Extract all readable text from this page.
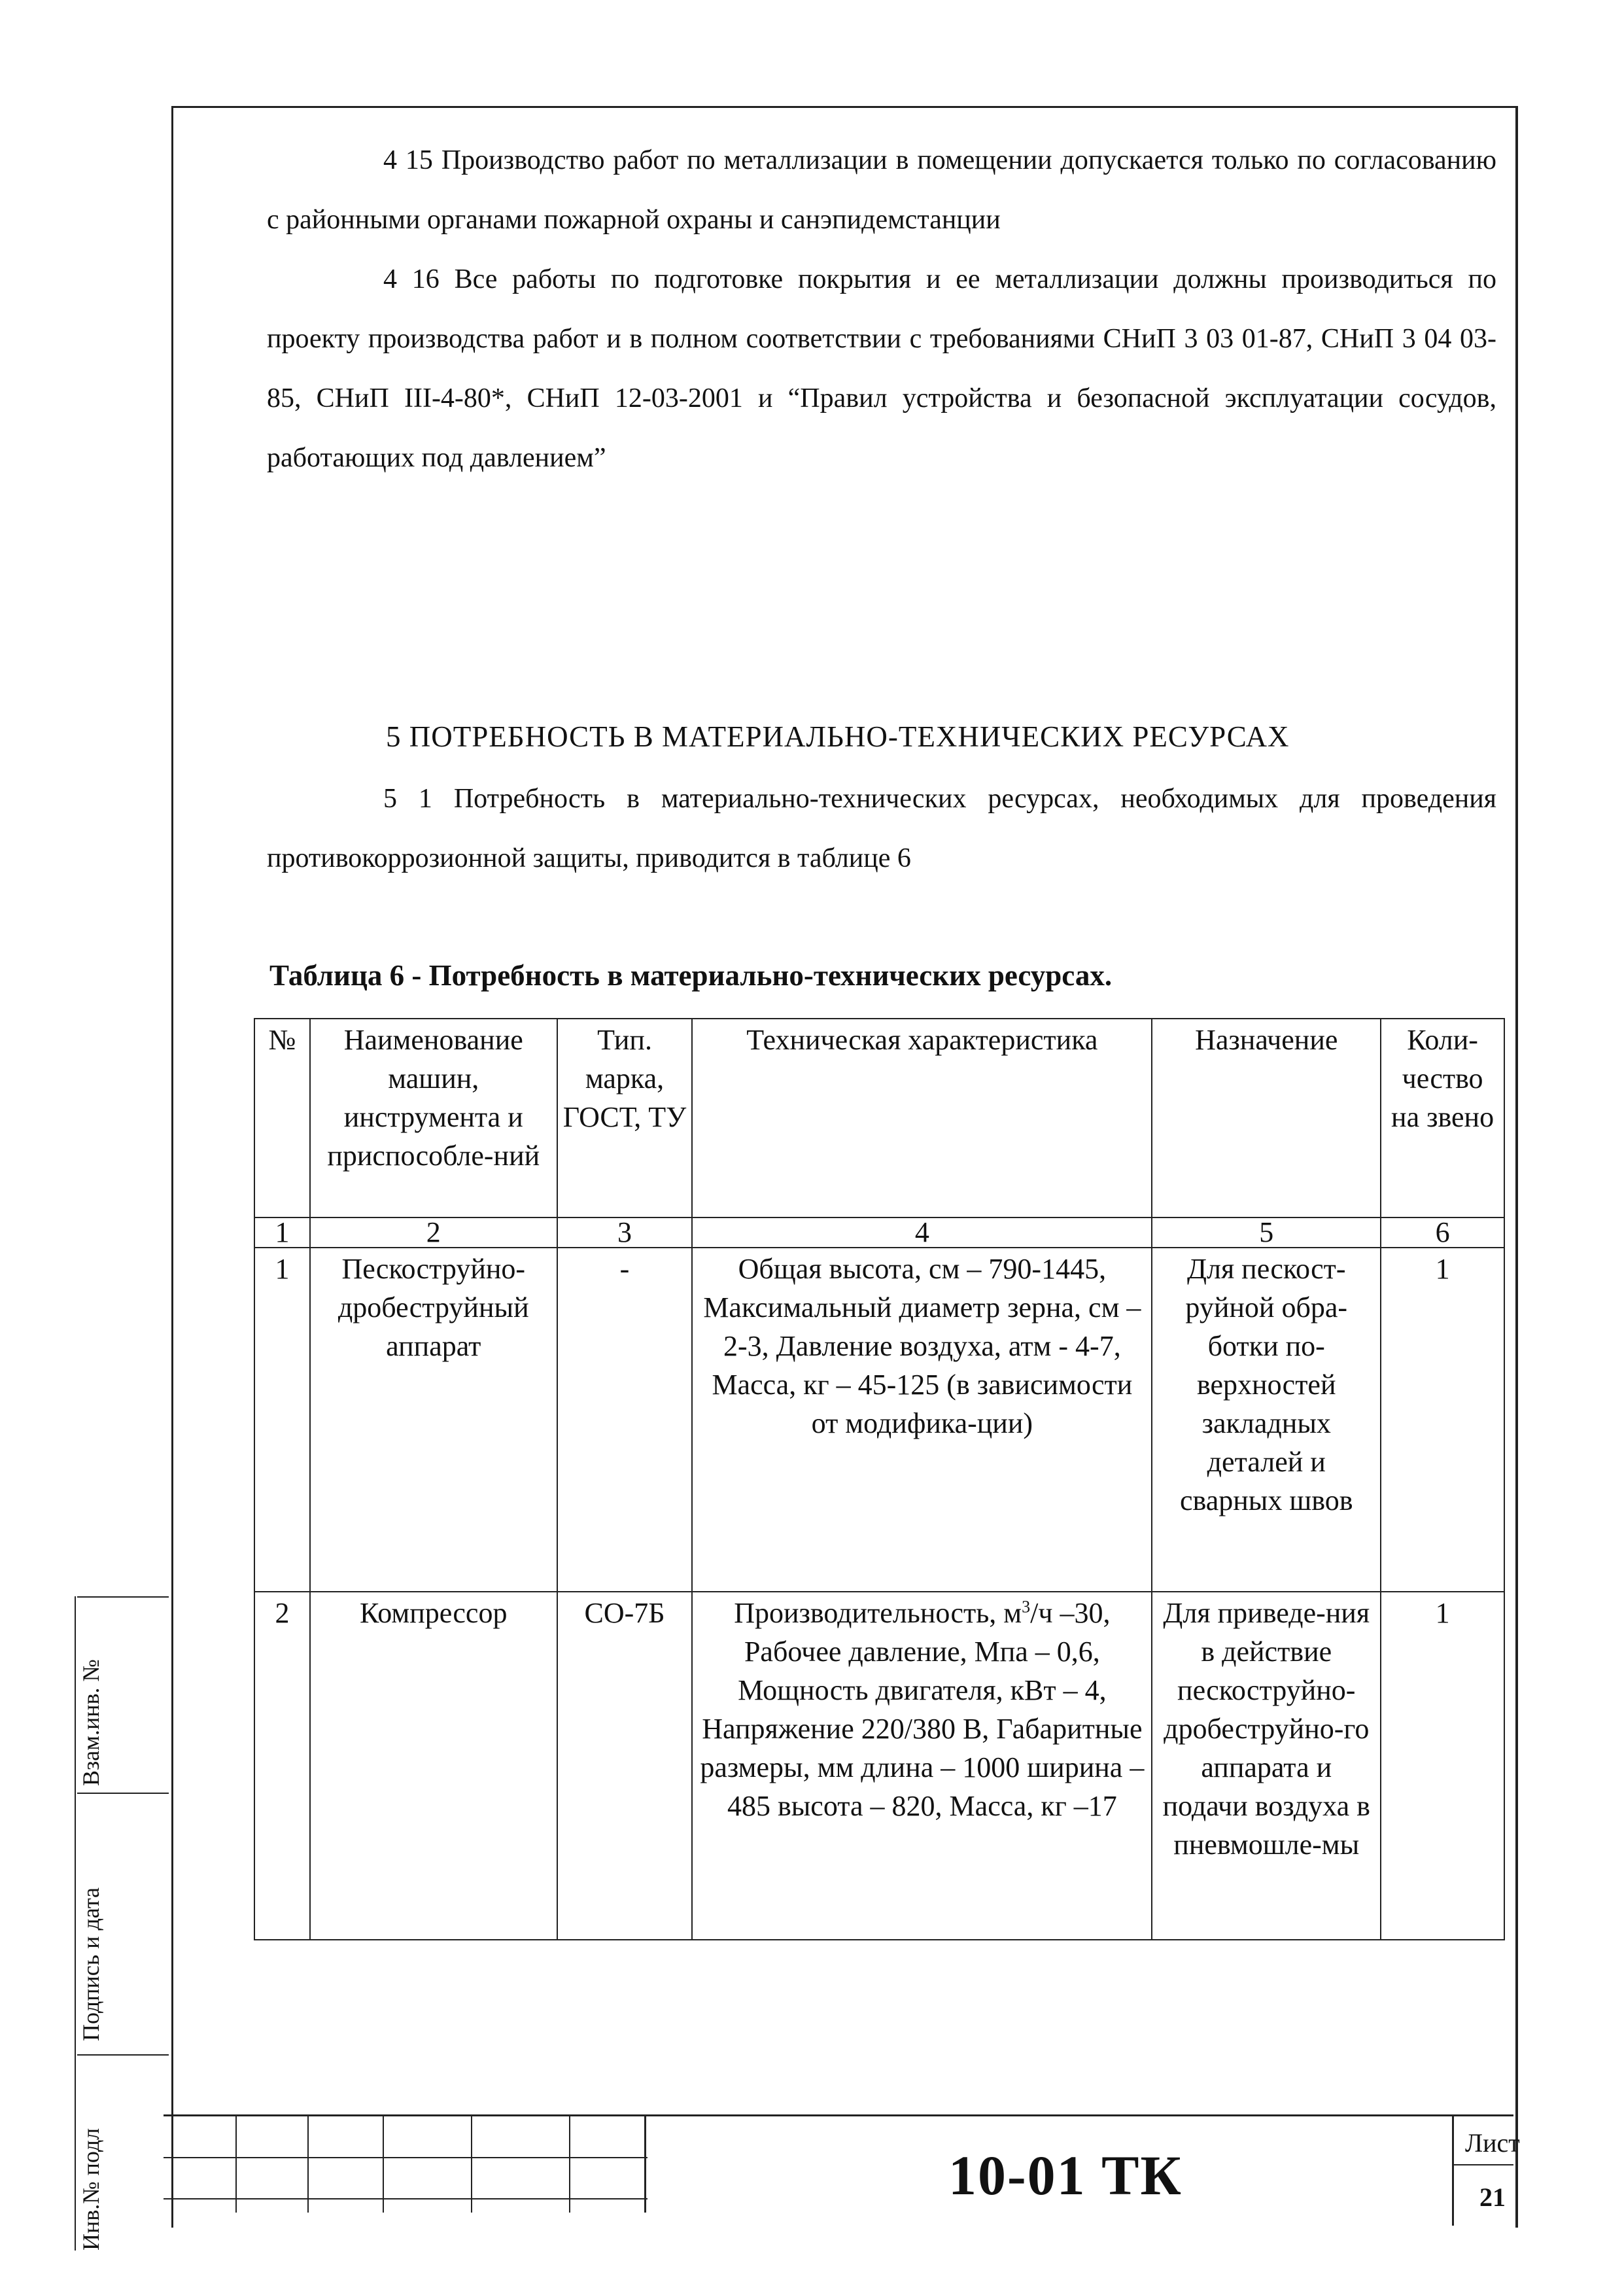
4 15 Производство работ по металлизации в помещении допускается только по согласованию с районными органами пожарной охраны и санэпидемстанции
4 16 Все работы по подготовке покрытия и ее металлизации должны производиться по проекту производства работ и в полном соответствии с требованиями СНиП 3 03 01-87, СНиП 3 04 03-85, СНиП III-4-80*, СНиП 12-03-2001 и “Правил устройства и безопасной эксплуатации сосудов, работающих под давлением”
5 ПОТРЕБНОСТЬ В МАТЕРИАЛЬНО-ТЕХНИЧЕСКИХ РЕСУРСАХ
5 1 Потребность в материально-технических ресурсах, необходимых для проведения противокоррозионной защиты, приводится в таблице 6
Таблица 6 - Потребность в материально-технических ресурсах.
№	Наименование машин, инструмента и приспособле-ний	Тип. марка, ГОСТ, ТУ	Техническая характеристика	Назначение	Коли-чество на звено
1	2	3	4	5	6
1	Пескоструйно-дробеструйный аппарат	-	Общая высота, см – 790-1445, Максимальный диаметр зерна, см – 2-3, Давление воздуха, атм - 4-7, Масса, кг – 45-125 (в зависимости от модифика-ции)	Для пескост-руйной обра-ботки по-верхностей закладных деталей и сварных швов	1
2	Компрессор	СО-7Б	Производительность, $м^3/ч$ –30, Рабочее давление, Мпа – 0,6, Мощность двигателя, кВт – 4, Напряжение 220/380 В, Габаритные размеры, мм длина – 1000 ширина – 485 высота – 820, Масса, кг –17	Для приведе-ния в действие пескоструйно-дробеструйно-го аппарата и подачи воздуха в пневмошле-мы	1
Взам.инв. №
Подпись и дата
Инв.№ подл	10-01 ТК
Лист
21
